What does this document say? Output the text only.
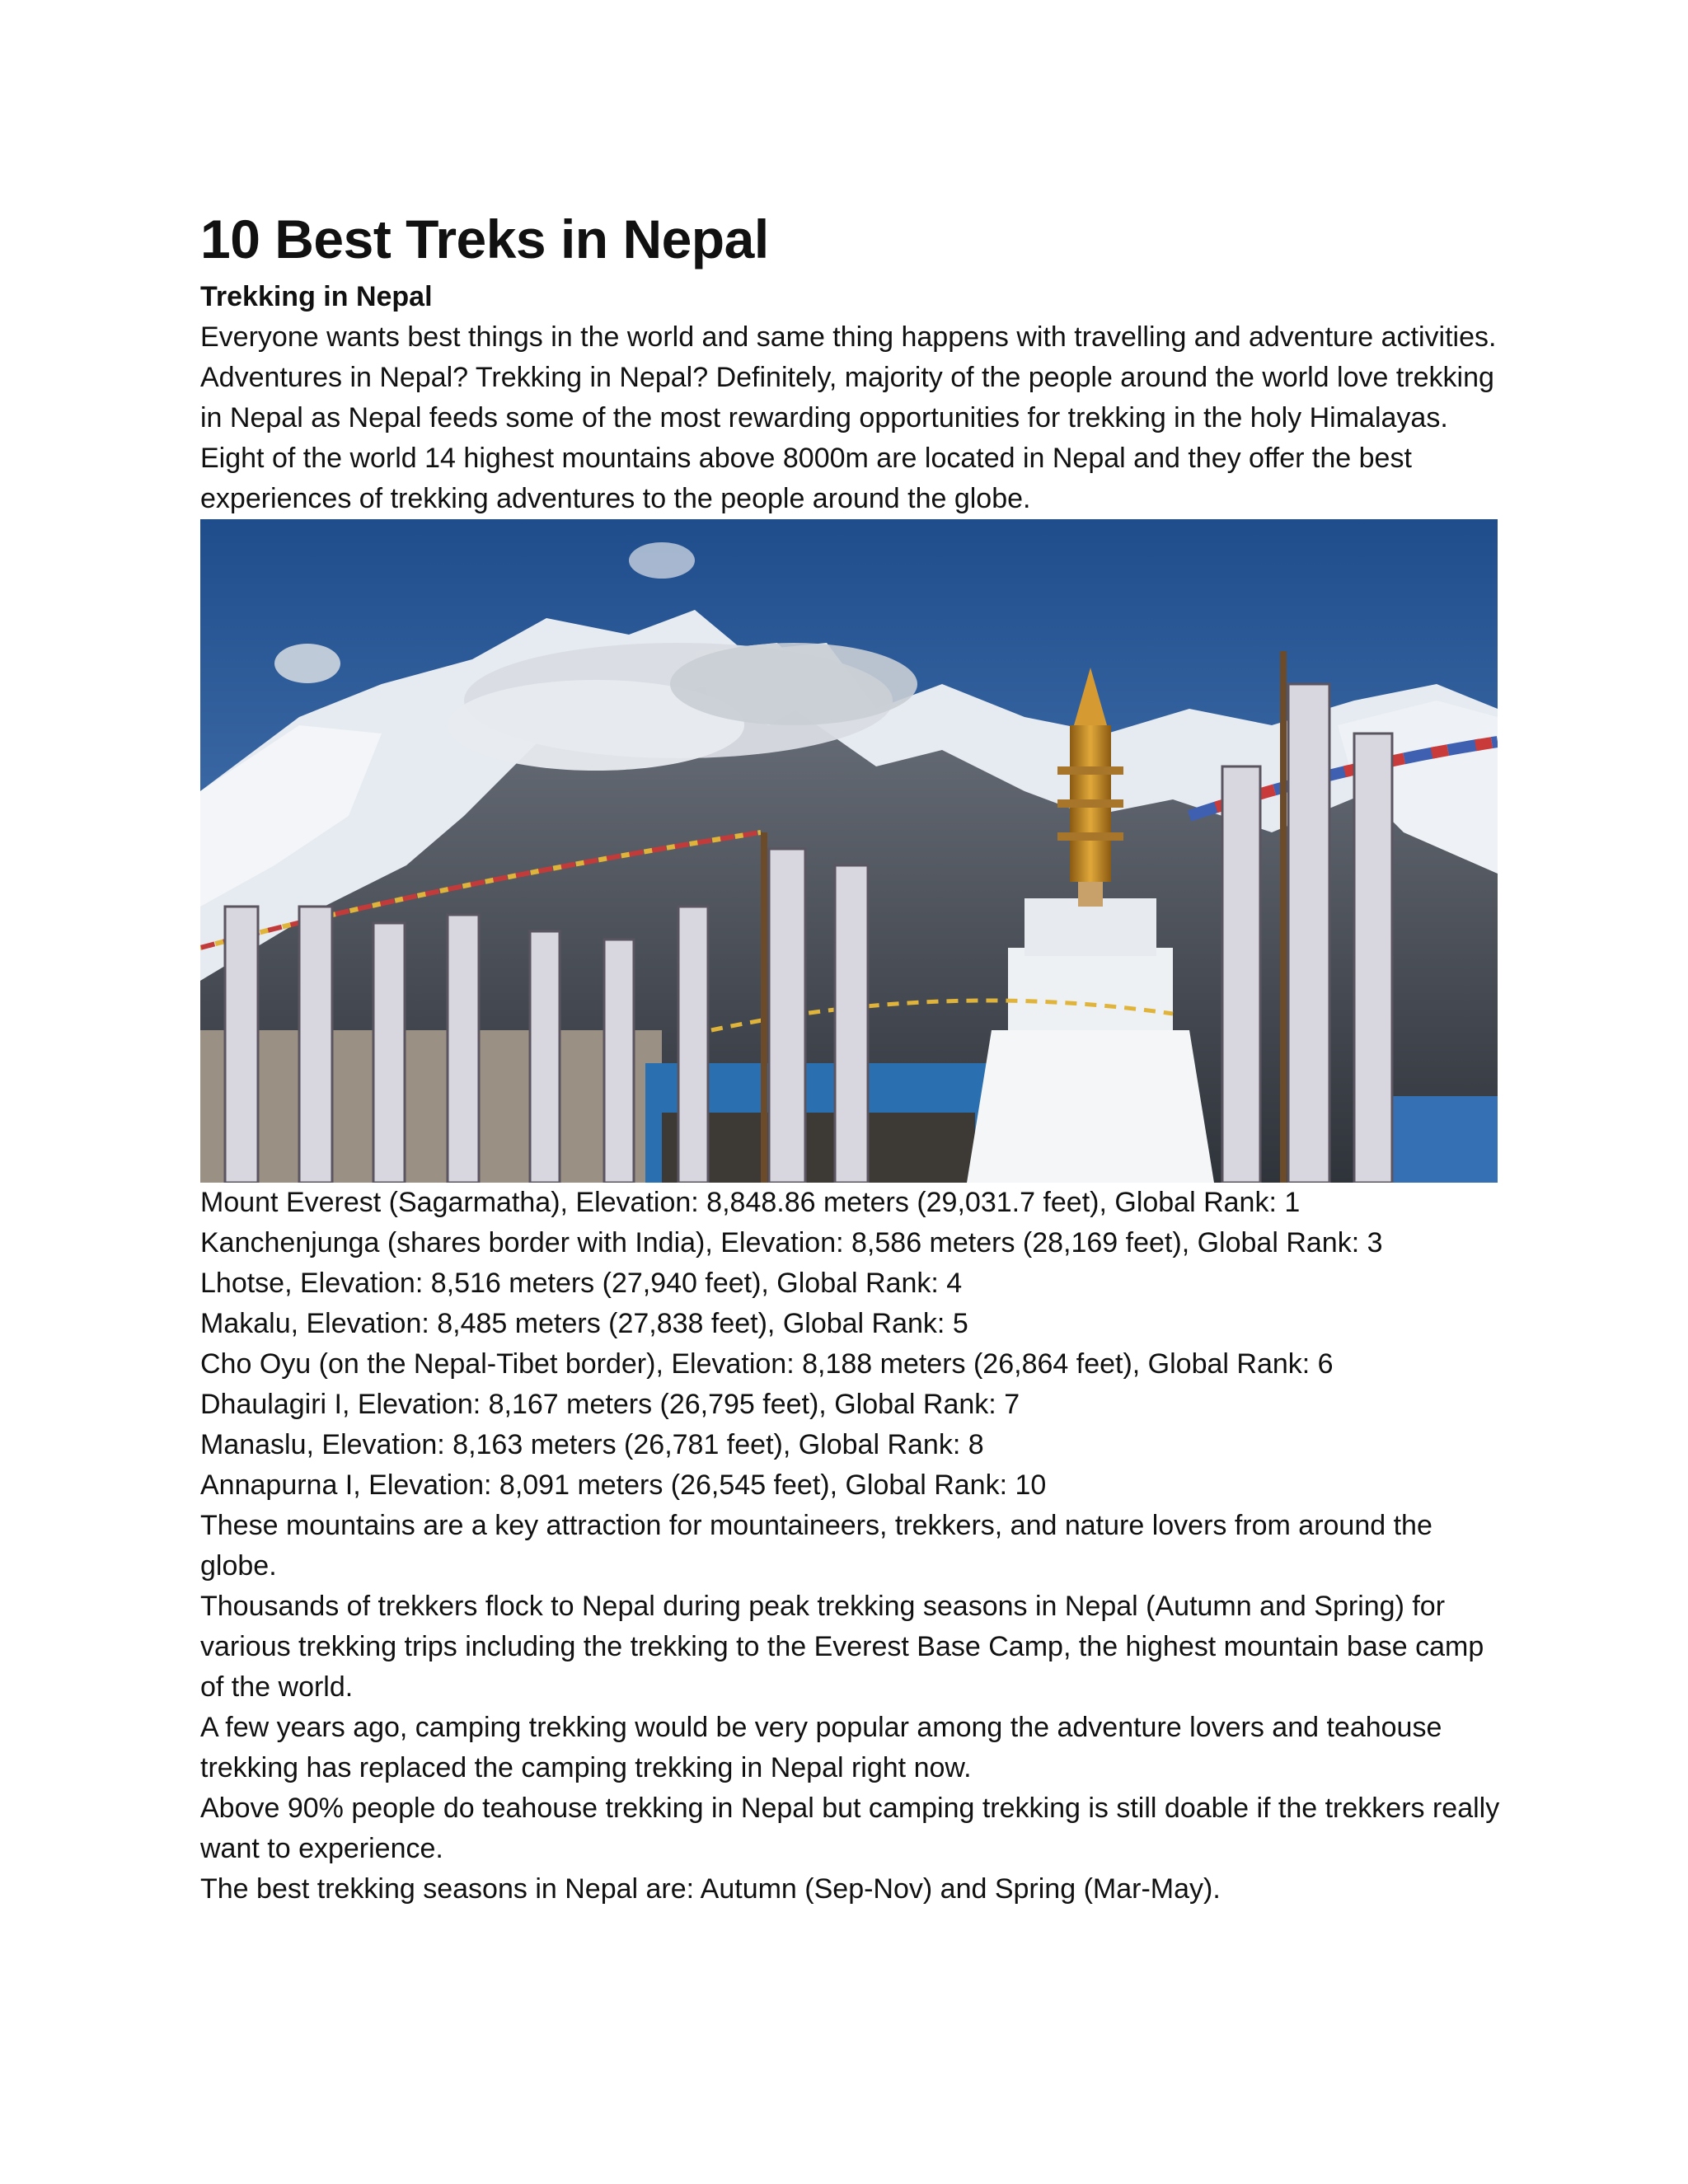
10 Best Treks in Nepal
Trekking in Nepal

Everyone wants best things in the world and same thing happens with travelling and adventure activities.

Adventures in Nepal? Trekking in Nepal? Definitely, majority of the people around the world love trekking in Nepal as Nepal feeds some of the most rewarding opportunities for trekking in the holy Himalayas.

Eight of the world 14 highest mountains above 8000m are located in Nepal and they offer the best experiences of trekking adventures to the people around the globe.

Mount Everest (Sagarmatha), Elevation: 8,848.86 meters (29,031.7 feet), Global Rank: 1
Kanchenjunga (shares border with India), Elevation: 8,586 meters (28,169 feet), Global Rank: 3
Lhotse, Elevation: 8,516 meters (27,940 feet), Global Rank: 4
Makalu, Elevation: 8,485 meters (27,838 feet), Global Rank: 5
Cho Oyu (on the Nepal-Tibet border), Elevation: 8,188 meters (26,864 feet), Global Rank: 6
Dhaulagiri I, Elevation: 8,167 meters (26,795 feet), Global Rank: 7
Manaslu, Elevation: 8,163 meters (26,781 feet), Global Rank: 8
Annapurna I, Elevation: 8,091 meters (26,545 feet), Global Rank: 10

These mountains are a key attraction for mountaineers, trekkers, and nature lovers from around the globe.

Thousands of trekkers flock to Nepal during peak trekking seasons in Nepal (Autumn and Spring) for various trekking trips including the trekking to the Everest Base Camp, the highest mountain base camp of the world.

A few years ago, camping trekking would be very popular among the adventure lovers and teahouse trekking has replaced the camping trekking in Nepal right now.

Above 90% people do teahouse trekking in Nepal but camping trekking is still doable if the trekkers really want to experience.

The best trekking seasons in Nepal are: Autumn (Sep-Nov) and Spring (Mar-May).
